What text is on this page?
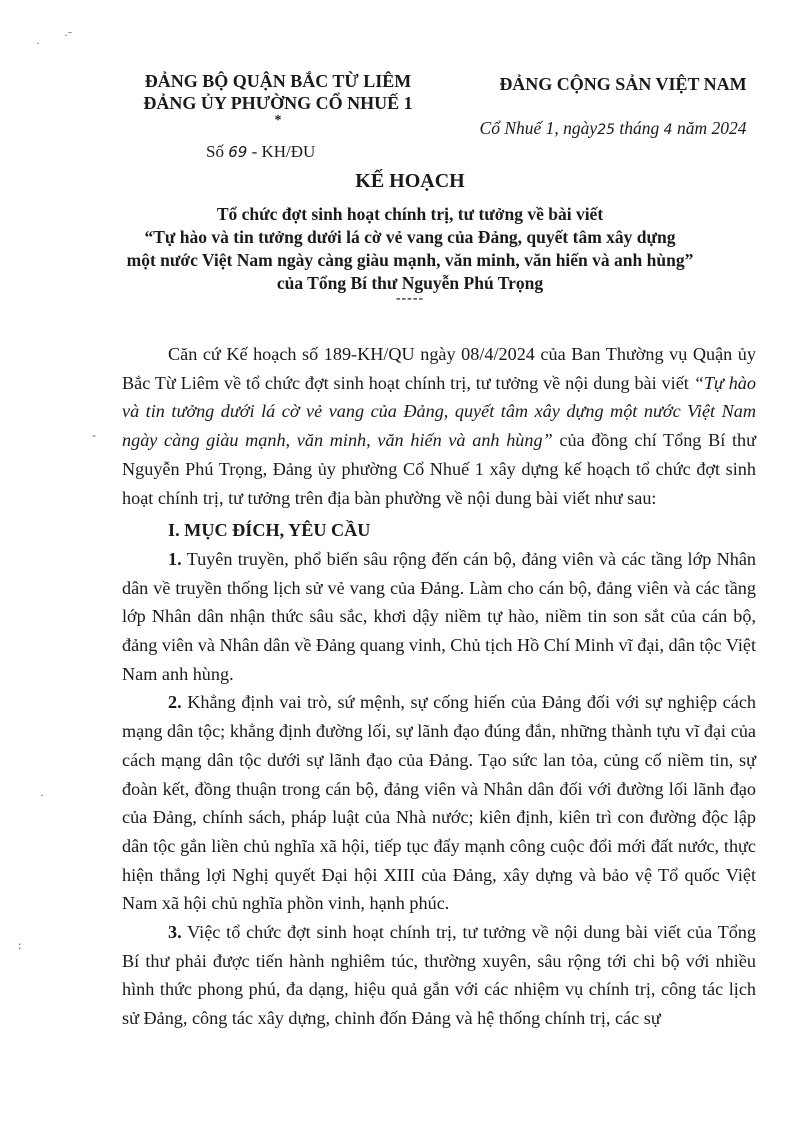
·
·ˉ
-
·
:
ĐẢNG BỘ QUẬN BẮC TỪ LIÊM
ĐẢNG ỦY PHƯỜNG CỔ NHUẾ 1
*
Số 69 - KH/ĐU
ĐẢNG CỘNG SẢN VIỆT NAM
Cổ Nhuế 1, ngày25 tháng 4 năm 2024
KẾ HOẠCH
Tổ chức đợt sinh hoạt chính trị, tư tưởng về bài viết
“Tự hào và tin tưởng dưới lá cờ vẻ vang của Đảng, quyết tâm xây dựng
một nước Việt Nam ngày càng giàu mạnh, văn minh, văn hiến và anh hùng”
của Tổng Bí thư Nguyễn Phú Trọng
-----

Căn cứ Kế hoạch số 189-KH/QU ngày 08/4/2024 của Ban Thường vụ Quận ủy Bắc Từ Liêm về tổ chức đợt sinh hoạt chính trị, tư tưởng về nội dung bài viết “Tự hào và tin tưởng dưới lá cờ vẻ vang của Đảng, quyết tâm xây dựng một nước Việt Nam ngày càng giàu mạnh, văn minh, văn hiến và anh hùng” của đồng chí Tổng Bí thư Nguyễn Phú Trọng, Đảng ủy phường Cổ Nhuế 1 xây dựng kế hoạch tổ chức đợt sinh hoạt chính trị, tư tưởng trên địa bàn phường về nội dung bài viết như sau:

I. MỤC ĐÍCH, YÊU CẦU

1. Tuyên truyền, phổ biến sâu rộng đến cán bộ, đảng viên và các tầng lớp Nhân dân về truyền thống lịch sử vẻ vang của Đảng. Làm cho cán bộ, đảng viên và các tầng lớp Nhân dân nhận thức sâu sắc, khơi dậy niềm tự hào, niềm tin son sắt của cán bộ, đảng viên và Nhân dân về Đảng quang vinh, Chủ tịch Hồ Chí Minh vĩ đại, dân tộc Việt Nam anh hùng.

2. Khẳng định vai trò, sứ mệnh, sự cống hiến của Đảng đối với sự nghiệp cách mạng dân tộc; khẳng định đường lối, sự lãnh đạo đúng đắn, những thành tựu vĩ đại của cách mạng dân tộc dưới sự lãnh đạo của Đảng. Tạo sức lan tỏa, củng cố niềm tin, sự đoàn kết, đồng thuận trong cán bộ, đảng viên và Nhân dân đối với đường lối lãnh đạo của Đảng, chính sách, pháp luật của Nhà nước; kiên định, kiên trì con đường độc lập dân tộc gắn liền chủ nghĩa xã hội, tiếp tục đẩy mạnh công cuộc đổi mới đất nước, thực hiện thắng lợi Nghị quyết Đại hội XIII của Đảng, xây dựng và bảo vệ Tổ quốc Việt Nam xã hội chủ nghĩa phồn vinh, hạnh phúc.

3. Việc tổ chức đợt sinh hoạt chính trị, tư tưởng về nội dung bài viết của Tổng Bí thư phải được tiến hành nghiêm túc, thường xuyên, sâu rộng tới chi bộ với nhiều hình thức phong phú, đa dạng, hiệu quả gắn với các nhiệm vụ chính trị, công tác lịch sử Đảng, công tác xây dựng, chỉnh đốn Đảng và hệ thống chính trị, các sự
